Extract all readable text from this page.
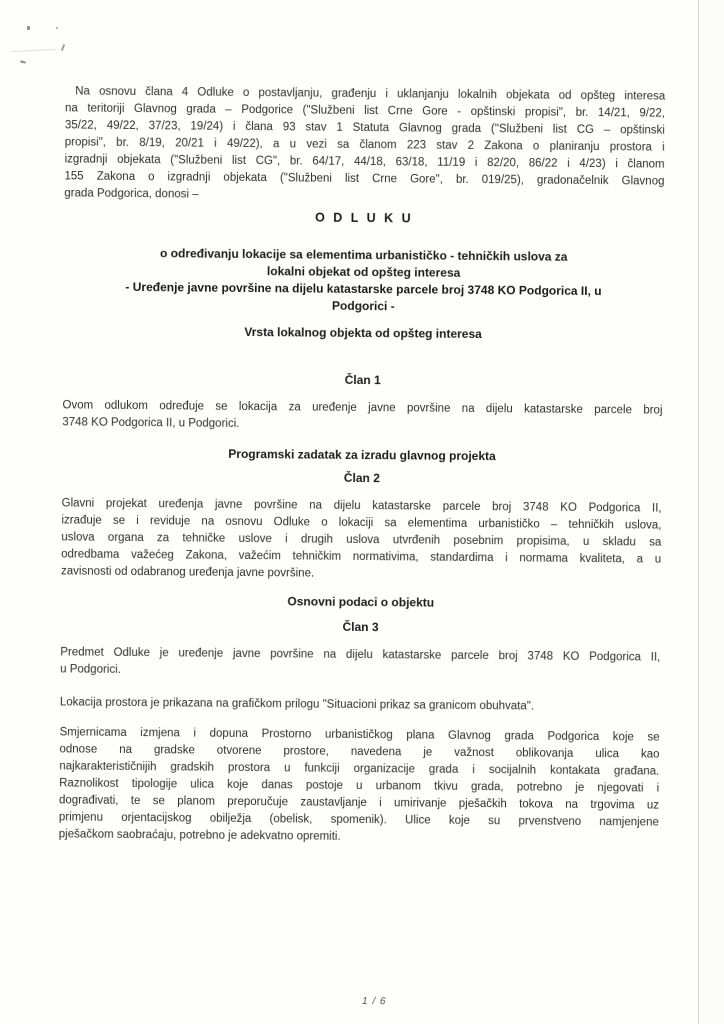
Na osnovu člana 4 Odluke o postavljanju, građenju i uklanjanju lokalnih objekata od opšteg interesa
na teritoriji Glavnog grada – Podgorice ("Službeni list Crne Gore - opštinski propisi", br. 14/21, 9/22,
35/22, 49/22, 37/23, 19/24) i člana 93 stav 1 Statuta Glavnog grada ("Službeni list CG – opštinski
propisi", br. 8/19, 20/21 i 49/22), a u vezi sa članom 223 stav 2 Zakona o planiranju prostora i
izgradnji objekata ("Službeni list CG", br. 64/17, 44/18, 63/18, 11/19 i 82/20, 86/22 i 4/23) i članom
155 Zakona o izgradnji objekata ("Službeni list Crne Gore", br. 019/25), gradonačelnik Glavnog
grada Podgorica, donosi –
O D L U K U
o određivanju lokacije sa elementima urbanističko - tehničkih uslova za
lokalni objekat od opšteg interesa
- Uređenje javne površine na dijelu katastarske parcele broj 3748 KO Podgorica II, u
Podgorici -
Vrsta lokalnog objekta od opšteg interesa
Član 1
Ovom odlukom određuje se lokacija za uređenje javne površine na dijelu katastarske parcele broj
3748 KO Podgorica II, u Podgorici.
Programski zadatak za izradu glavnog projekta
Član 2
Glavni projekat uređenja javne površine na dijelu katastarske parcele broj 3748 KO Podgorica II,
izrađuje se i reviduje na osnovu Odluke o lokaciji sa elementima urbanističko – tehničkih uslova,
uslova organa za tehničke uslove i drugih uslova utvrđenih posebnim propisima, u skladu sa
odredbama važećeg Zakona, važećim tehničkim normativima, standardima i normama kvaliteta, a u
zavisnosti od odabranog uređenja javne površine.
Osnovni podaci o objektu
Član 3
Predmet Odluke je uređenje javne površine na dijelu katastarske parcele broj 3748 KO Podgorica II,
u Podgorici.
Lokacija prostora je prikazana na grafičkom prilogu "Situacioni prikaz sa granicom obuhvata".
Smjernicama izmjena i dopuna Prostorno urbanističkog plana Glavnog grada Podgorica koje se
odnose na gradske otvorene prostore, navedena je važnost oblikovanja ulica kao
najkarakterističnijih gradskih prostora u funkciji organizacije grada i socijalnih kontakata građana.
Raznolikost tipologije ulica koje danas postoje u urbanom tkivu grada, potrebno je njegovati i
dograđivati, te se planom preporučuje zaustavljanje i umirivanje pješačkih tokova na trgovima uz
primjenu orjentacijskog obilježja (obelisk, spomenik). Ulice koje su prvenstveno namjenjene
pješačkom saobraćaju, potrebno je adekvatno opremiti.
1 / 6
